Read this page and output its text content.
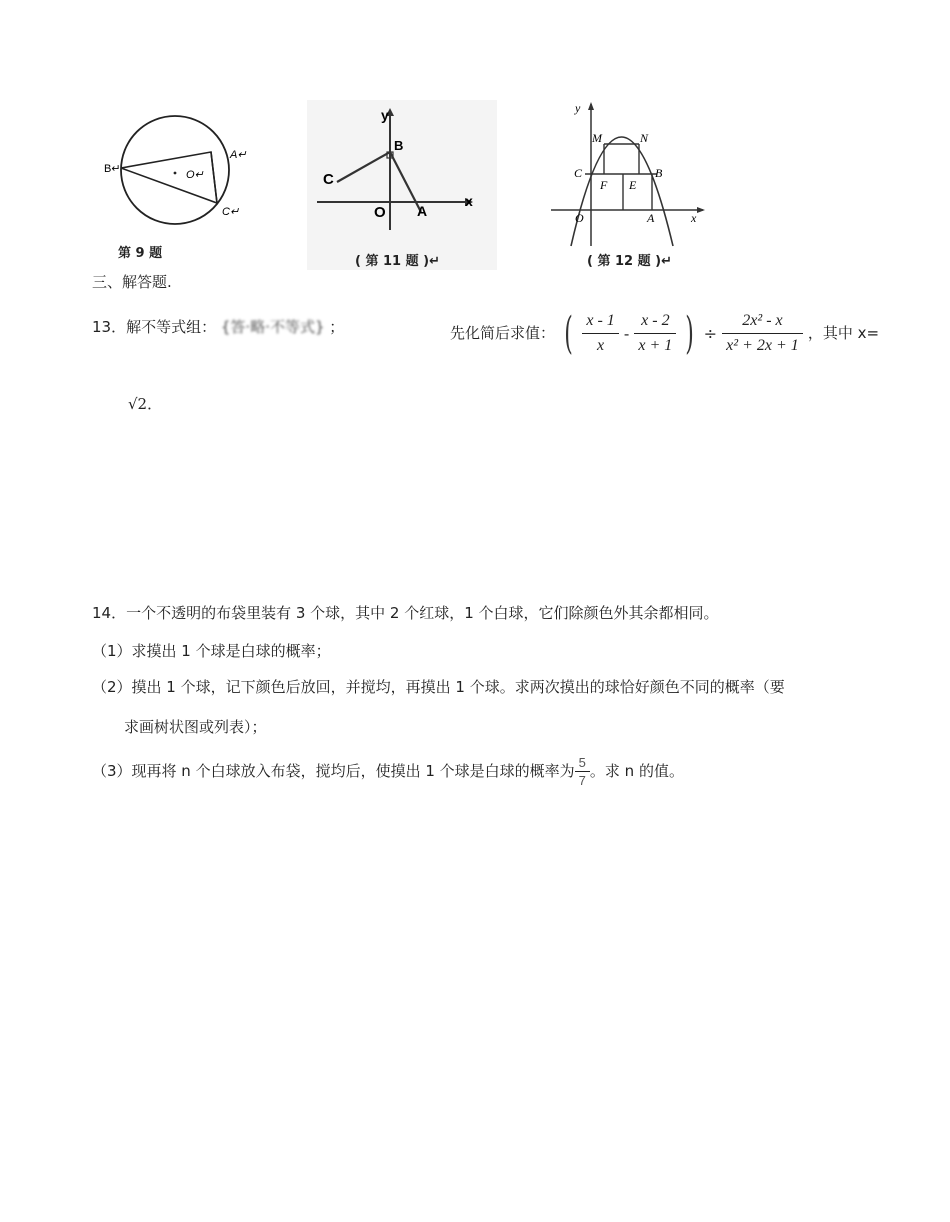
B↵
A↵
O↵
C↵
第 9 题
y
x
B
C
O A
( 第 11 题 )↵
y
x
M	N
C	B
F E
O	A
( 第 12 题 )↵
三、解答题.
13．解不等式组： {答·略·不等式} ；	先化简后求值： ( $\frac{x - 1}{x} - \frac{x - 2}{x + 1}$ ) ÷ $\frac{\text{2x² - x}}{\text{x² + 2x + 1}}$ ，其中 x=
√2．
14．一个不透明的布袋里装有 3 个球，其中 2 个红球，1 个白球，它们除颜色外其余都相同。
（1）求摸出 1 个球是白球的概率；
（2）摸出 1 个球，记下颜色后放回，并搅均，再摸出 1 个球。求两次摸出的球恰好颜色不同的概率（要
求画树状图或列表）；
（3）现再将 n 个白球放入布袋，搅均后，使摸出 1 个球是白球的概率为 $\frac{5}{7}$ 。求 n 的值。
